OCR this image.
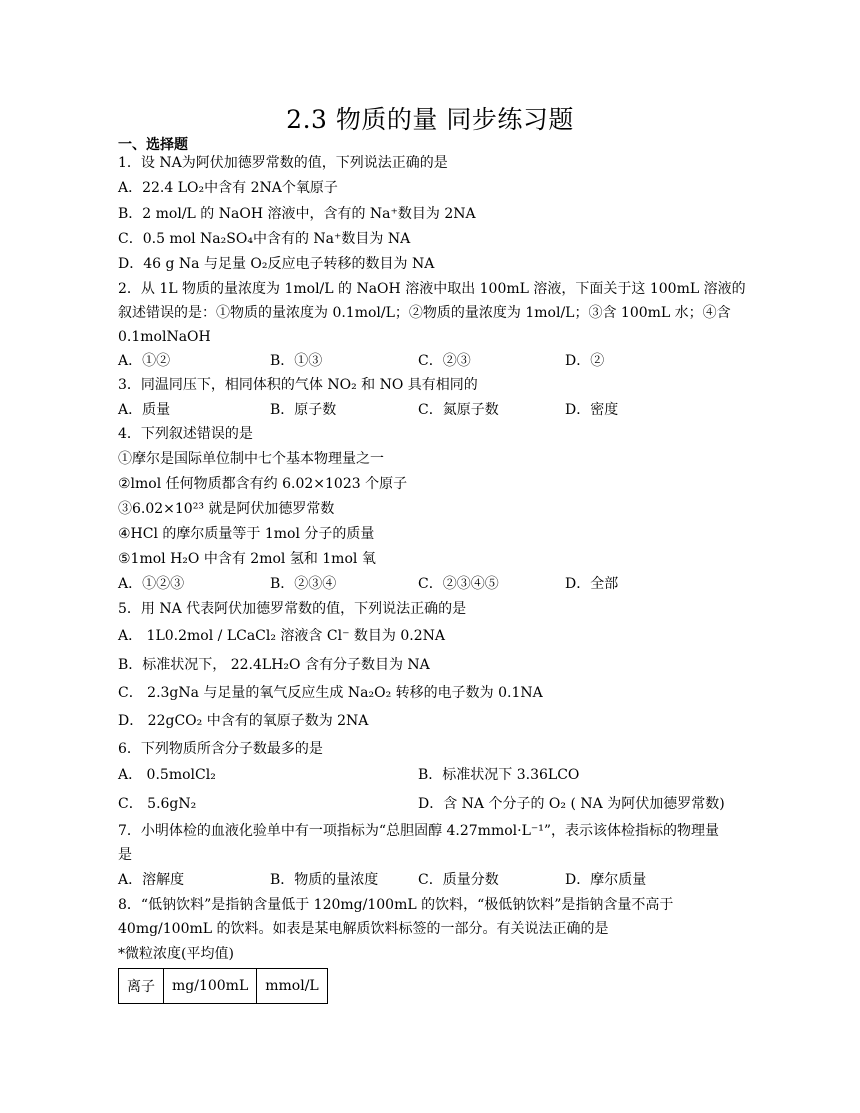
2.3 物质的量 同步练习题
一、选择题
1．设 NA为阿伏加德罗常数的值，下列说法正确的是
A．22.4 LO₂中含有 2NA个氧原子
B．2 mol/L 的 NaOH 溶液中，含有的 Na⁺数目为 2NA
C．0.5 mol Na₂SO₄中含有的 Na⁺数目为 NA
D．46 g Na 与足量 O₂反应电子转移的数目为 NA
2．从 1L 物质的量浓度为 1mol/L 的 NaOH 溶液中取出 100mL 溶液，下面关于这 100mL 溶液的
叙述错误的是：①物质的量浓度为 0.1mol/L；②物质的量浓度为 1mol/L；③含 100mL 水；④含
0.1molNaOH
A．①②	B．①③	C．②③	D．②
3．同温同压下，相同体积的气体 NO₂ 和 NO 具有相同的
A．质量	B．原子数	C．氮原子数	D．密度
4．下列叙述错误的是
①摩尔是国际单位制中七个基本物理量之一
②lmol 任何物质都含有约 6.02×1023 个原子
③6.02×10²³ 就是阿伏加德罗常数
④HCl 的摩尔质量等于 1mol 分子的质量
⑤1mol H₂O 中含有 2mol 氢和 1mol 氧
A．①②③	B．②③④	C．②③④⑤	D．全部
5．用 NA 代表阿伏加德罗常数的值，下列说法正确的是
A． 1L0.2mol / LCaCl₂ 溶液含 Cl⁻ 数目为 0.2NA
B．标准状况下， 22.4LH₂O 含有分子数目为 NA
C． 2.3gNa 与足量的氧气反应生成 Na₂O₂ 转移的电子数为 0.1NA
D． 22gCO₂ 中含有的氧原子数为 2NA
6．下列物质所含分子数最多的是
A． 0.5molCl₂	B．标准状况下 3.36LCO
C． 5.6gN₂	D．含 NA 个分子的 O₂ ( NA 为阿伏加德罗常数)
7．小明体检的血液化验单中有一项指标为“总胆固醇 4.27mmol·L⁻¹”，表示该体检指标的物理量
是
A．溶解度	B．物质的量浓度	C．质量分数	D．摩尔质量
8．“低钠饮料”是指钠含量低于 120mg/100mL 的饮料，“极低钠饮料”是指钠含量不高于
40mg/100mL 的饮料。如表是某电解质饮料标签的一部分。有关说法正确的是
*微粒浓度(平均值)
离子	mg/100mL	mmol/L
